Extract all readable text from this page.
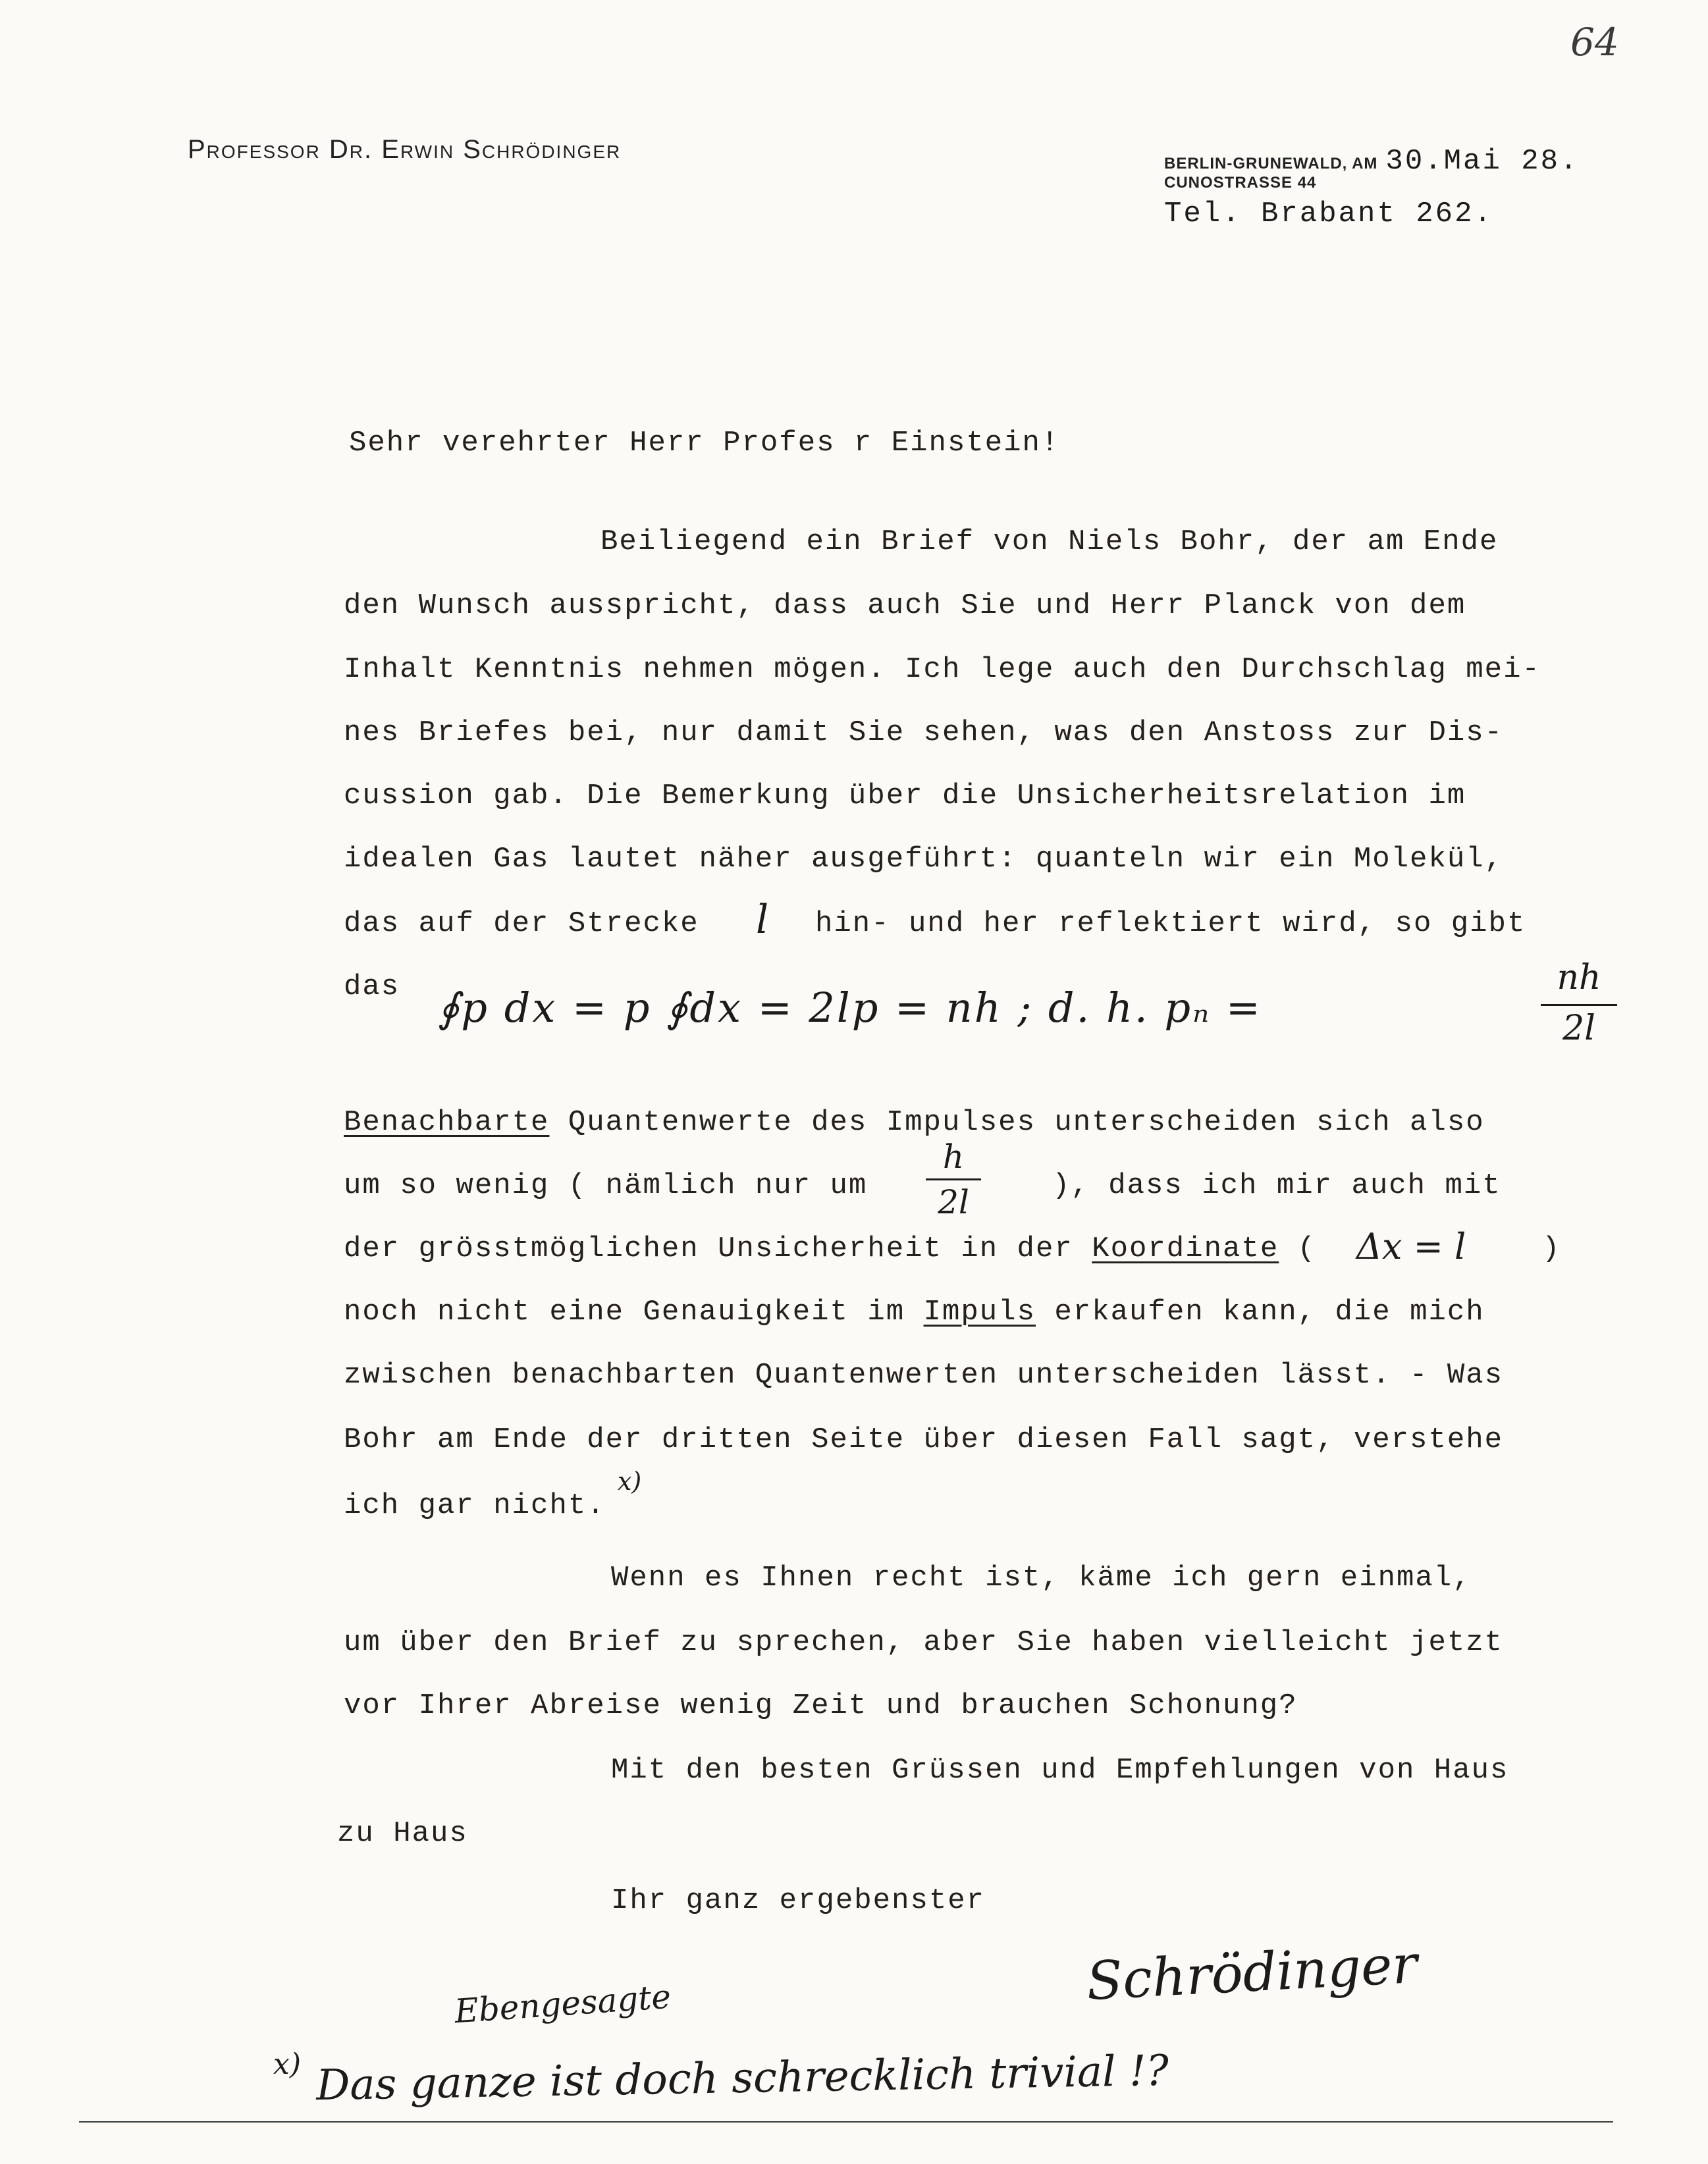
64
Professor Dr. Erwin Schrödinger	BERLIN-GRUNEWALD, AM 30.Mai 28.
CUNOSTRASSE 44
Tel. Brabant 262.
Sehr verehrter Herr Profes r Einstein!
Beiliegend ein Brief von Niels Bohr, der am Ende
den Wunsch ausspricht, dass auch Sie und Herr Planck von dem
Inhalt Kenntnis nehmen mögen. Ich lege auch den Durchschlag mei-
nes Briefes bei, nur damit Sie sehen, was den Anstoss zur Dis-
cussion gab. Die Bemerkung über die Unsicherheitsrelation im
idealen Gas lautet näher ausgeführt: quanteln wir ein Molekül,
das auf der Strecke l hin- und her reflektiert wird, so gibt
das ∮p dx = p ∮dx = 2lp = nh ; d. h. pₙ =
nh
2l
Benachbarte Quantenwerte des Impulses unterscheiden sich also
um so wenig ( nämlich nur um
h
2l	), dass ich mir auch mit
der grösstmöglichen Unsicherheit in der Koordinate ( Δx = l	)
noch nicht eine Genauigkeit im Impuls erkaufen kann, die mich
zwischen benachbarten Quantenwerten unterscheiden lässt. - Was
Bohr am Ende der dritten Seite über diesen Fall sagt, verstehe
ich gar nicht.
x)
Wenn es Ihnen recht ist, käme ich gern einmal,
um über den Brief zu sprechen, aber Sie haben vielleicht jetzt
vor Ihrer Abreise wenig Zeit und brauchen Schonung?
Mit den besten Grüssen und Empfehlungen von Haus
zu Haus
Ihr ganz ergebenster
Schrödinger
Ebengesagte
x) Das ganze ist doch schrecklich trivial !?
